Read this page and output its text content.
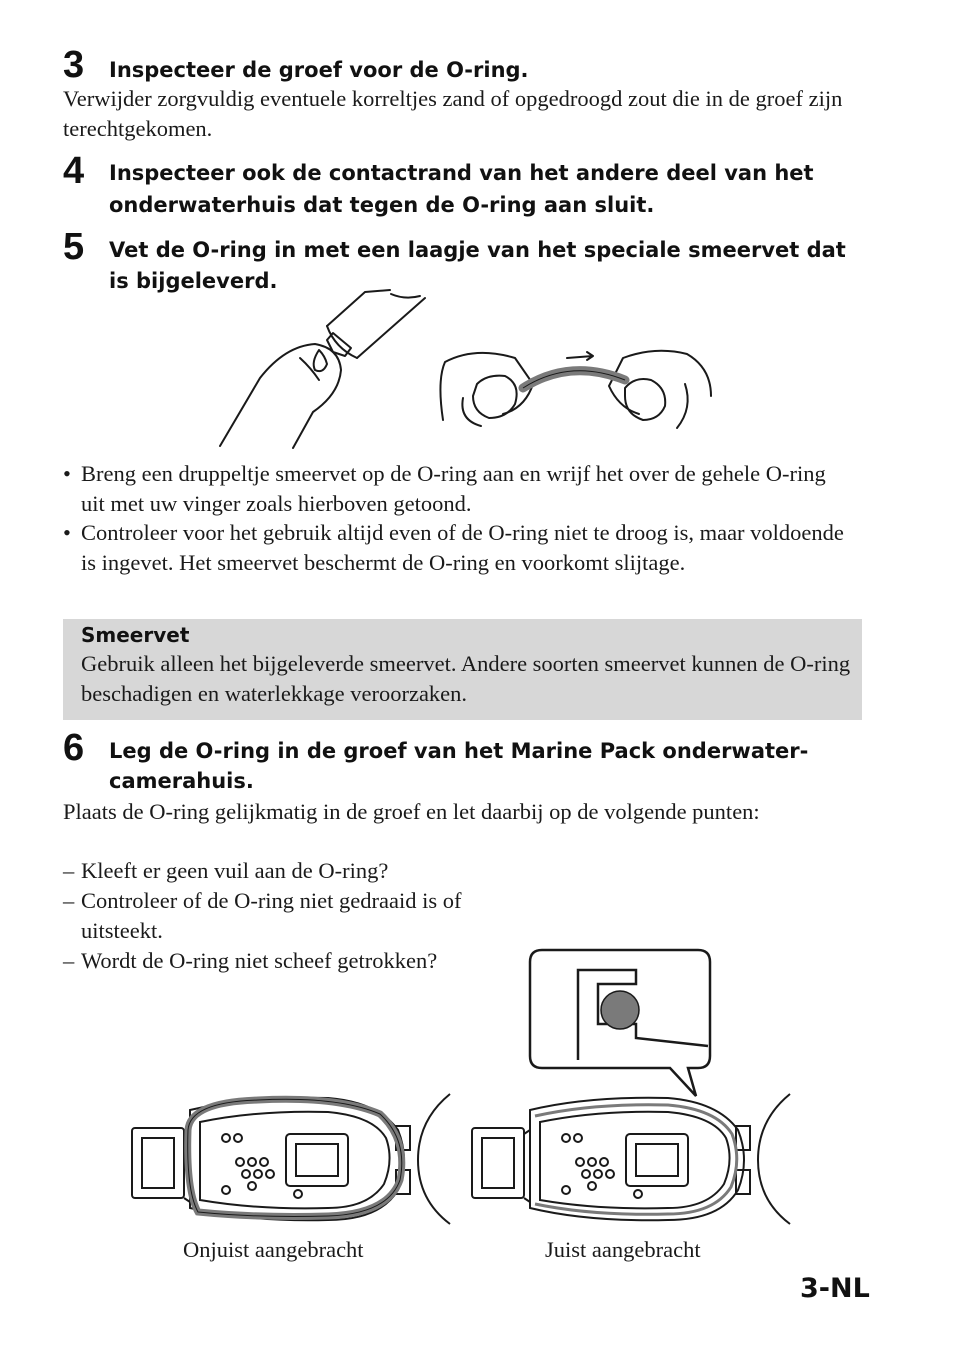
3 Inspecteer de groef voor de O-ring.
Verwijder zorgvuldig eventuele korreltjes zand of opgedroogd zout die in de groef zijn terechtgekomen.
4 Inspecteer ook de contactrand van het andere deel van het
onderwaterhuis dat tegen de O-ring aan sluit.
5 Vet de O-ring in met een laagje van het speciale smeervet dat
is bijgeleverd.
• Breng een druppeltje smeervet op de O-ring aan en wrijf het over de gehele O-ring uit met uw vinger zoals hierboven getoond.
• Controleer voor het gebruik altijd even of de O-ring niet te droog is, maar voldoende is ingevet. Het smeervet beschermt de O-ring en voorkomt slijtage.
Smeervet
Gebruik alleen het bijgeleverde smeervet. Andere soorten smeervet kunnen de O-ring beschadigen en waterlekkage veroorzaken.
6 Leg de O-ring in de groef van het Marine Pack onderwater-
camerahuis.
Plaats de O-ring gelijkmatig in de groef en let daarbij op de volgende punten:
– Kleeft er geen vuil aan de O-ring?
– Controleer of de O-ring niet gedraaid is of uitsteekt.
– Wordt de O-ring niet scheef getrokken?
Onjuist aangebracht	Juist aangebracht
3-NL
